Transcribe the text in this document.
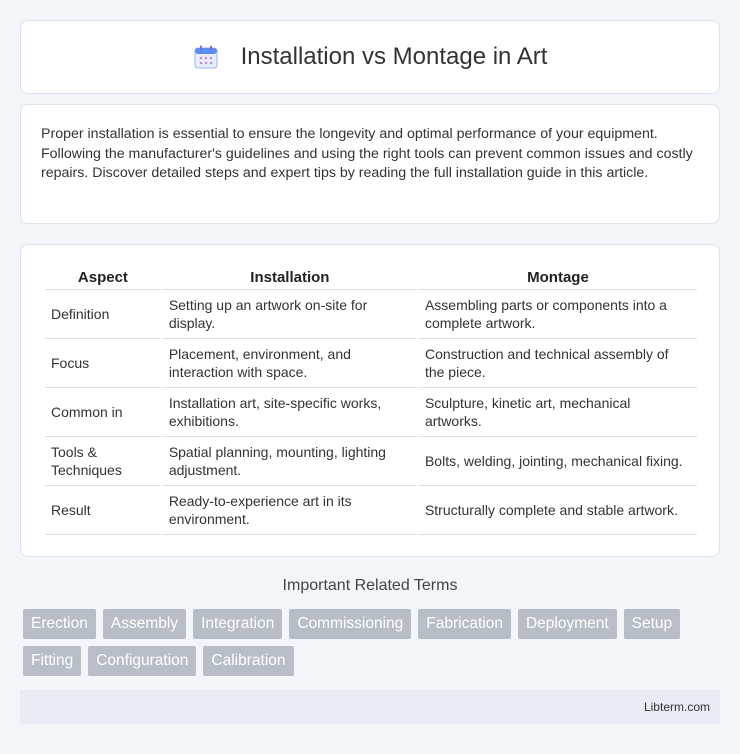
Installation vs Montage in Art

Proper installation is essential to ensure the longevity and optimal performance of your equipment. Following the manufacturer's guidelines and using the right tools can prevent common issues and costly repairs. Discover detailed steps and expert tips by reading the full installation guide in this article.

Aspect	Installation	Montage
Definition	Setting up an artwork on-site for display.	Assembling parts or components into a complete artwork.
Focus	Placement, environment, and interaction with space.	Construction and technical assembly of the piece.
Common in	Installation art, site-specific works, exhibitions.	Sculpture, kinetic art, mechanical artworks.
Tools & Techniques	Spatial planning, mounting, lighting adjustment.	Bolts, welding, jointing, mechanical fixing.
Result	Ready-to-experience art in its environment.	Structurally complete and stable artwork.
Important Related Terms
Erection	Assembly	Integration	Commissioning	Fabrication	Deployment	Setup
Fitting	Configuration	Calibration
Libterm.com
